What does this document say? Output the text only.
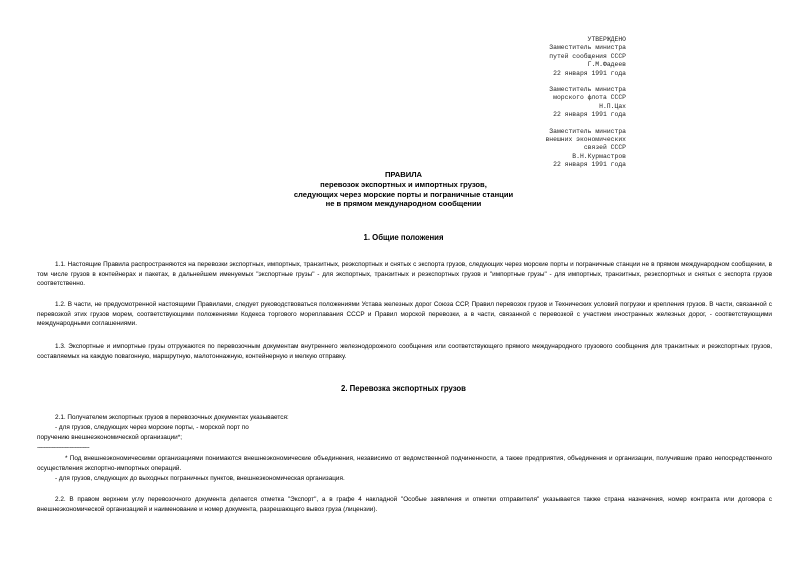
УТВЕРЖДЕНО
Заместитель министра
путей сообщения СССР
Г.М.Фадеев
22 января 1991 года
Заместитель министра
морского флота СССР
Н.П.Цах
22 января 1991 года
Заместитель министра
внешних экономических
связей СССР
В.Н.Курмастров
22 января 1991 года
ПРАВИЛА
перевозок экспортных и импортных грузов,
следующих через морские порты и пограничные станции
не в прямом международном сообщении
1. Общие положения

1.1. Настоящие Правила распространяются на перевозки экспортных, импортных, транзитных, реэкспортных и снятых с экспорта грузов, следующих через морские порты и пограничные станции не в прямом международном сообщении, в том числе грузов в контейнерах и пакетах, в дальнейшем именуемых "экспортные грузы" - для экспортных, транзитных и реэкспортных грузов и "импортные грузы" - для импортных, транзитных, реэкспортных и снятых с экспорта грузов соответственно.

1.2. В части, не предусмотренной настоящими Правилами, следует руководствоваться положениями Устава железных дорог Союза ССР, Правил перевозок грузов и Технических условий погрузки и крепления грузов. В части, связанной с перевозкой этих грузов морем, соответствующими положениями Кодекса торгового мореплавания СССР и Правил морской перевозки, а в части, связанной с перевозкой с участием иностранных железных дорог, - соответствующими международными соглашениями.

1.3. Экспортные и импортные грузы отгружаются по перевозочным документам внутреннего железнодорожного сообщения или соответствующего прямого международного грузового сообщения для транзитных и реэкспортных грузов, составляемых на каждую повагонную, маршрутную, малотоннажную, контейнерную и мелкую отправку.

2. Перевозка экспортных грузов
2.1. Получателем экспортных грузов в перевозочных документах указывается:
- для грузов, следующих через морские порты, - морской порт по
поручению внешнеэкономической организации*;
--------------------------------

* Под внешнеэкономическими организациями понимаются внешнеэкономические объединения, независимо от ведомственной подчиненности, а также предприятия, объединения и организации, получившие право непосредственного осуществления экспортно-импортных операций.

- для грузов, следующих до выходных пограничных пунктов, внешнеэкономическая организация.

2.2. В правом верхнем углу перевозочного документа делается отметка "Экспорт", а в графе 4 накладной "Особые заявления и отметки отправителя" указывается также страна назначения, номер контракта или договора с внешнеэкономической организацией и наименование и номер документа, разрешающего вывоз груза (лицензии).
